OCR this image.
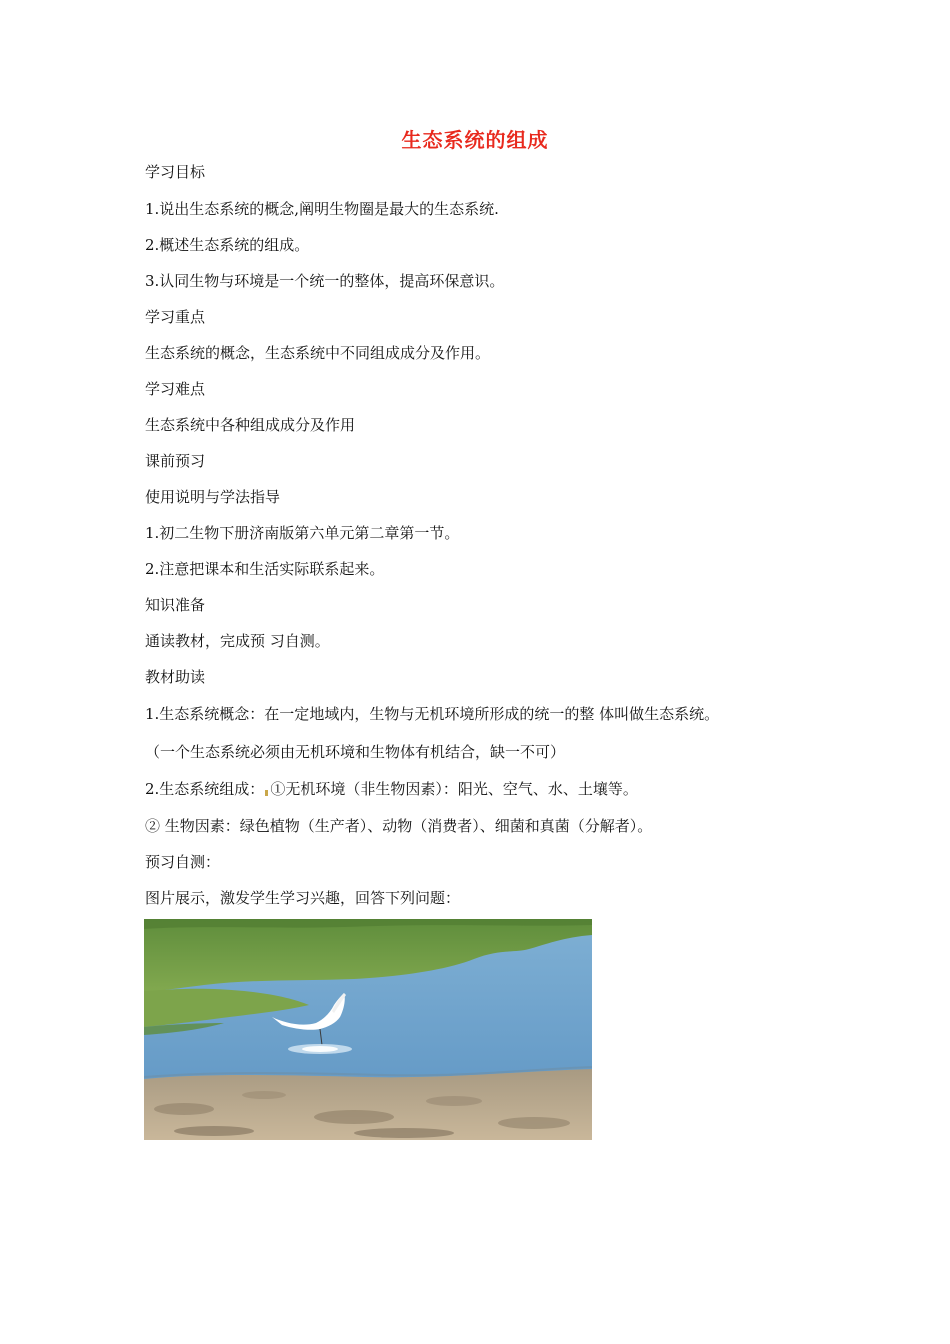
生态系统的组成
学习目标
1.说出生态系统的概念,阐明生物圈是最大的生态系统.
2.概述生态系统的组成。
3.认同生物与环境是一个统一的整体，提高环保意识。
学习重点
生态系统的概念，生态系统中不同组成成分及作用。
学习难点
生态系统中各种组成成分及作用
课前预习
使用说明与学法指导
1.初二生物下册济南版第六单元第二章第一节。
2.注意把课本和生活实际联系起来。
知识准备
通读教材，完成预 习自测。
教材助读
1.生态系统概念：在一定地域内，生物与无机环境所形成的统一的整 体叫做生态系统。
（一个生态系统必须由无机环境和生物体有机结合，缺一不可）
2.生态系统组成： ①无机环境（非生物因素）：阳光、空气、水、土壤等。
② 生物因素：绿色植物（生产者）、动物（消费者）、细菌和真菌（分解者）。
预习自测：
图片展示，激发学生学习兴趣，回答下列问题：
